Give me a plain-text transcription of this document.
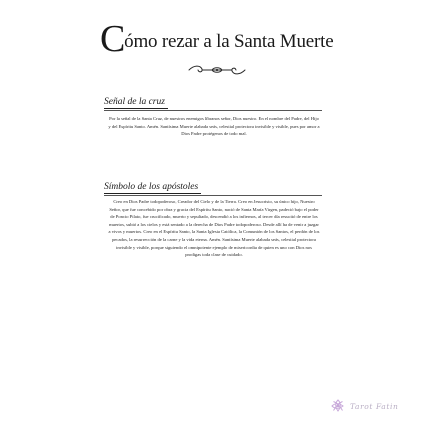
Cómo rezar a la Santa Muerte
Señal de la cruz

Por la señal de la Santa Cruz, de nuestros enemigos líbranos señor, Dios nuestro. En el nombre del Padre, del Hijo y del Espíritu Santo. Amén. Santísima Muerte alabada seás, celestial protectora invisible y visible, pues por amor a Dios Padre protégenos de todo mal.

Símbolo de los apóstoles

Creo en Dios Padre todopoderoso, Creador del Cielo y de la Tierra. Creo en Jesucristo, su único hijo, Nuestro Señor, que fue concebido por obra y gracia del Espíritu Santo, nació de Santa María Virgen, padeció bajo el poder de Poncio Pilato, fue crucificado, muerto y sepultado, descendió a los infiernos, al tercer día resucitó de entre los muertos, subió a los cielos y está sentado a la derecha de Dios Padre todopoderoso. Desde allí ha de venir a juzgar a vivos y muertos. Creo en el Espíritu Santo, la Santa Iglesia Católica, la Comunión de los Santos, el perdón de los pecados, la resurrección de la carne y la vida eterna. Amén. Santísima Muerte alabada seás, celestial protectora invisible y visible, porque siguiendo el omnipotente ejemplo de misericordia de quien es uno con Dios nos prodigas toda clase de cuidado.

Tarot Fatin
